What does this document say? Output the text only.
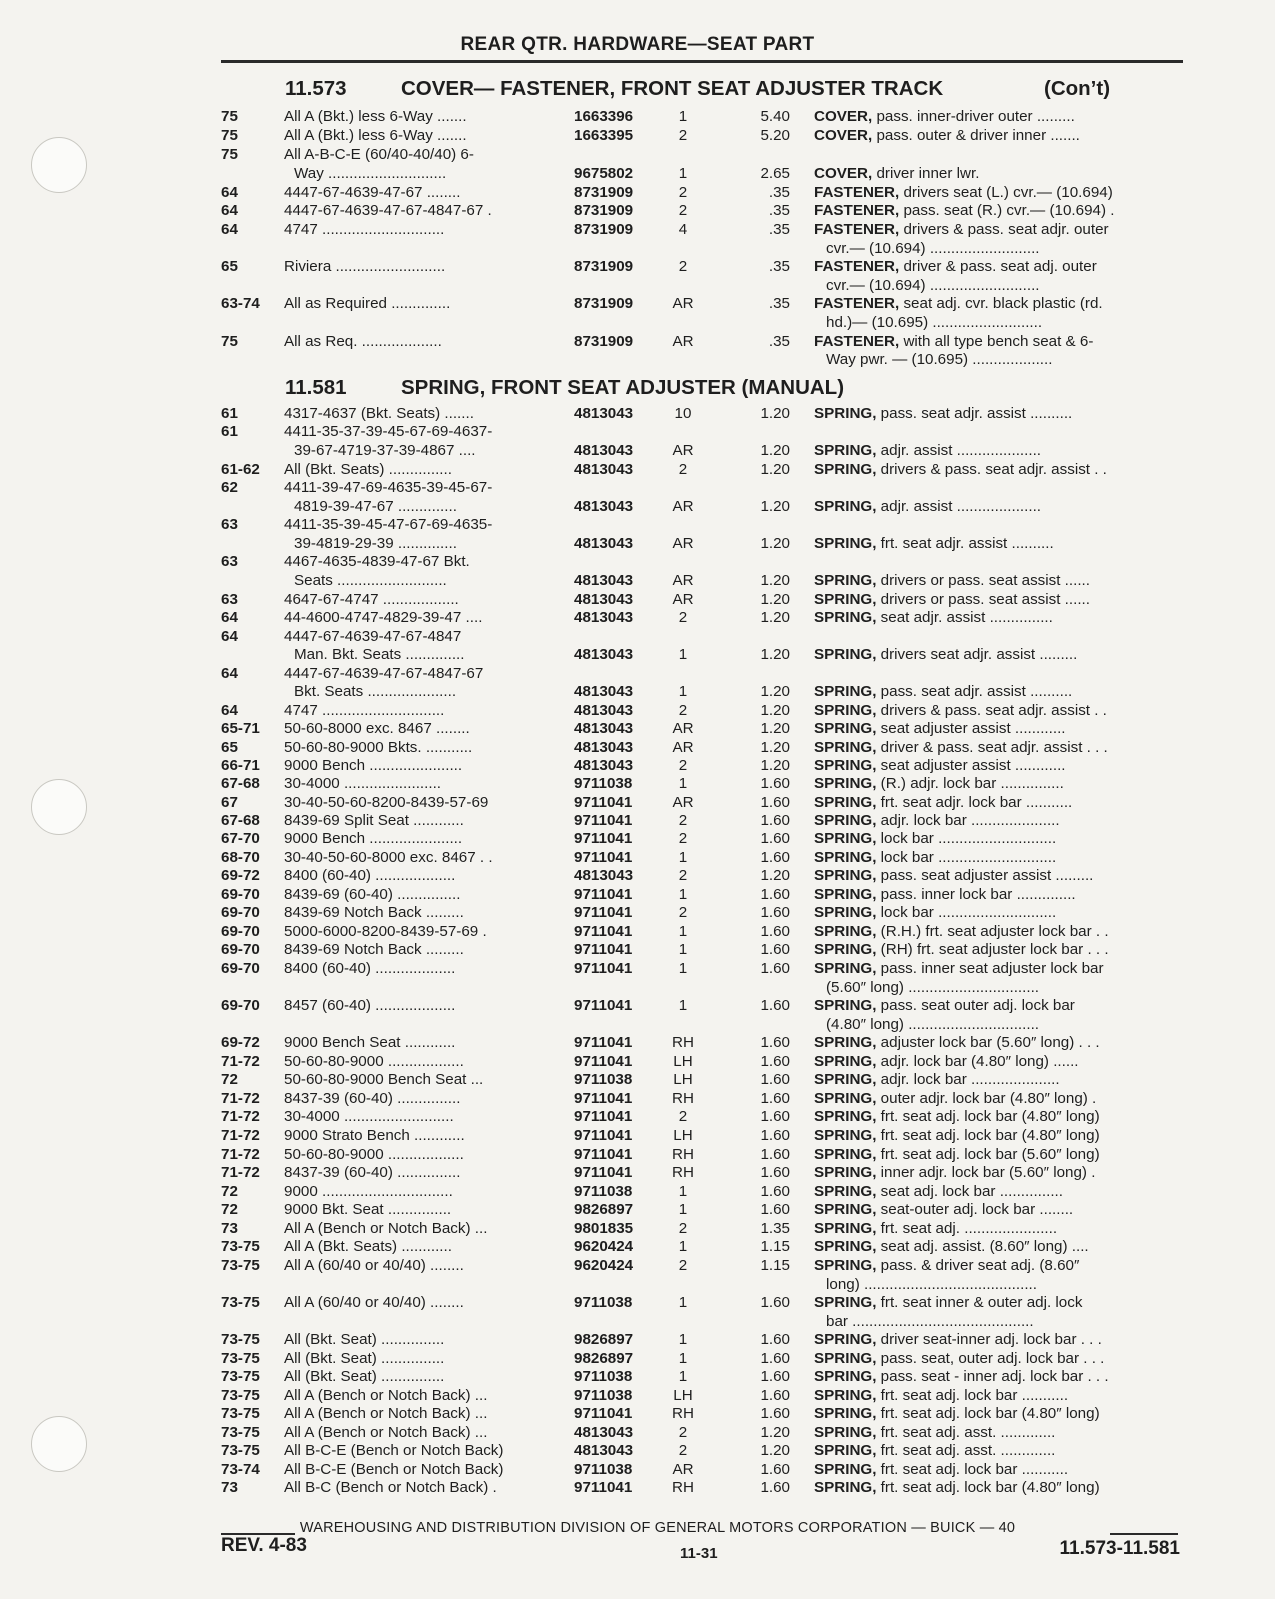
REAR QTR. HARDWARE—SEAT PART
11.573	COVER— FASTENER, FRONT SEAT ADJUSTER TRACK	(Con’t)
11.581	SPRING, FRONT SEAT ADJUSTER (MANUAL)
75	All A (Bkt.) less 6-Way .......	1663396	1	5.40 COVER, pass. inner-driver outer .........
75	All A (Bkt.) less 6-Way .......	1663395	2	5.20 COVER, pass. outer & driver inner .......
75	All A-B-C-E (60/40-40/40) 6-
Way ............................	9675802	1	2.65 COVER, driver inner lwr.
64	4447-67-4639-47-67 ........	8731909	2	.35 FASTENER, drivers seat (L.) cvr.— (10.694)
64	4447-67-4639-47-67-4847-67 .	8731909	2	.35 FASTENER, pass. seat (R.) cvr.— (10.694) .
64	4747 .............................	8731909	4	.35 FASTENER, drivers & pass. seat adjr. outer
cvr.— (10.694) ..........................
65	Riviera ..........................	8731909	2	.35 FASTENER, driver & pass. seat adj. outer
cvr.— (10.694) ..........................
63-74 All as Required ..............	8731909	AR	.35 FASTENER, seat adj. cvr. black plastic (rd.
hd.)— (10.695) ..........................
75	All as Req. ...................	8731909	AR	.35 FASTENER, with all type bench seat & 6-
Way pwr. — (10.695) ...................
61	4317-4637 (Bkt. Seats) .......	4813043	10	1.20 SPRING, pass. seat adjr. assist ..........
61	4411-35-37-39-45-67-69-4637-
39-67-4719-37-39-4867 ....	4813043	AR	1.20 SPRING, adjr. assist ....................
61-62 All (Bkt. Seats) ...............	4813043	2	1.20 SPRING, drivers & pass. seat adjr. assist . .
62	4411-39-47-69-4635-39-45-67-
4819-39-47-67 ..............	4813043	AR	1.20 SPRING, adjr. assist ....................
63	4411-35-39-45-47-67-69-4635-
39-4819-29-39 ..............	4813043	AR	1.20 SPRING, frt. seat adjr. assist ..........
63	4467-4635-4839-47-67 Bkt.
Seats ..........................	4813043	AR	1.20 SPRING, drivers or pass. seat assist ......
63	4647-67-4747 ..................	4813043	AR	1.20 SPRING, drivers or pass. seat assist ......
64	44-4600-4747-4829-39-47 ....	4813043	2	1.20 SPRING, seat adjr. assist ...............
64	4447-67-4639-47-67-4847
Man. Bkt. Seats ..............	4813043	1	1.20 SPRING, drivers seat adjr. assist .........
64	4447-67-4639-47-67-4847-67
Bkt. Seats .....................	4813043	1	1.20 SPRING, pass. seat adjr. assist ..........
64	4747 .............................	4813043	2	1.20 SPRING, drivers & pass. seat adjr. assist . .
65-71 50-60-8000 exc. 8467 ........	4813043	AR	1.20 SPRING, seat adjuster assist ............
65	50-60-80-9000 Bkts. ...........	4813043	AR	1.20 SPRING, driver & pass. seat adjr. assist . . .
66-71 9000 Bench ......................	4813043	2	1.20 SPRING, seat adjuster assist ............
67-68 30-4000 .......................	9711038	1	1.60 SPRING, (R.) adjr. lock bar ...............
67	30-40-50-60-8200-8439-57-69	9711041	AR	1.60 SPRING, frt. seat adjr. lock bar ...........
67-68 8439-69 Split Seat ............	9711041	2	1.60 SPRING, adjr. lock bar .....................
67-70 9000 Bench ......................	9711041	2	1.60 SPRING, lock bar ............................
68-70 30-40-50-60-8000 exc. 8467 . .	9711041	1	1.60 SPRING, lock bar ............................
69-72 8400 (60-40) ...................	4813043	2	1.20 SPRING, pass. seat adjuster assist .........
69-70 8439-69 (60-40) ...............	9711041	1	1.60 SPRING, pass. inner lock bar ..............
69-70 8439-69 Notch Back .........	9711041	2	1.60 SPRING, lock bar ............................
69-70 5000-6000-8200-8439-57-69 .	9711041	1	1.60 SPRING, (R.H.) frt. seat adjuster lock bar . .
69-70 8439-69 Notch Back .........	9711041	1	1.60 SPRING, (RH) frt. seat adjuster lock bar . . .
69-70 8400 (60-40) ...................	9711041	1	1.60 SPRING, pass. inner seat adjuster lock bar
(5.60″ long) ...............................
69-70 8457 (60-40) ...................	9711041	1	1.60 SPRING, pass. seat outer adj. lock bar
(4.80″ long) ...............................
69-72 9000 Bench Seat ............	9711041	RH	1.60 SPRING, adjuster lock bar (5.60″ long) . . .
71-72 50-60-80-9000 ..................	9711041	LH	1.60 SPRING, adjr. lock bar (4.80″ long) ......
72	50-60-80-9000 Bench Seat ...	9711038	LH	1.60 SPRING, adjr. lock bar .....................
71-72 8437-39 (60-40) ...............	9711041	RH	1.60 SPRING, outer adjr. lock bar (4.80″ long) .
71-72 30-4000 ..........................	9711041	2	1.60 SPRING, frt. seat adj. lock bar (4.80″ long)
71-72 9000 Strato Bench ............	9711041	LH	1.60 SPRING, frt. seat adj. lock bar (4.80″ long)
71-72 50-60-80-9000 ..................	9711041	RH	1.60 SPRING, frt. seat adj. lock bar (5.60″ long)
71-72 8437-39 (60-40) ...............	9711041	RH	1.60 SPRING, inner adjr. lock bar (5.60″ long) .
72	9000 ...............................	9711038	1	1.60 SPRING, seat adj. lock bar ...............
72	9000 Bkt. Seat ...............	9826897	1	1.60 SPRING, seat-outer adj. lock bar ........
73	All A (Bench or Notch Back) ...	9801835	2	1.35 SPRING, frt. seat adj. ......................
73-75 All A (Bkt. Seats) ............	9620424	1	1.15 SPRING, seat adj. assist. (8.60″ long) ....
73-75 All A (60/40 or 40/40) ........	9620424	2	1.15 SPRING, pass. & driver seat adj. (8.60″
long) .........................................
73-75 All A (60/40 or 40/40) ........	9711038	1	1.60 SPRING, frt. seat inner & outer adj. lock
bar ...........................................
73-75 All (Bkt. Seat) ...............	9826897	1	1.60 SPRING, driver seat-inner adj. lock bar . . .
73-75 All (Bkt. Seat) ...............	9826897	1	1.60 SPRING, pass. seat, outer adj. lock bar . . .
73-75 All (Bkt. Seat) ...............	9711038	1	1.60 SPRING, pass. seat - inner adj. lock bar . . .
73-75 All A (Bench or Notch Back) ...	9711038	LH	1.60 SPRING, frt. seat adj. lock bar ...........
73-75 All A (Bench or Notch Back) ...	9711041	RH	1.60 SPRING, frt. seat adj. lock bar (4.80″ long)
73-75 All A (Bench or Notch Back) ...	4813043	2	1.20 SPRING, frt. seat adj. asst. .............
73-75 All B-C-E (Bench or Notch Back)	4813043	2	1.20 SPRING, frt. seat adj. asst. .............
73-74 All B-C-E (Bench or Notch Back)	9711038	AR	1.60 SPRING, frt. seat adj. lock bar ...........
73	All B-C (Bench or Notch Back) .	9711041	RH	1.60 SPRING, frt. seat adj. lock bar (4.80″ long)
WAREHOUSING AND DISTRIBUTION DIVISION OF GENERAL MOTORS CORPORATION — BUICK — 40
REV. 4-83	11-31	11.573-11.581
